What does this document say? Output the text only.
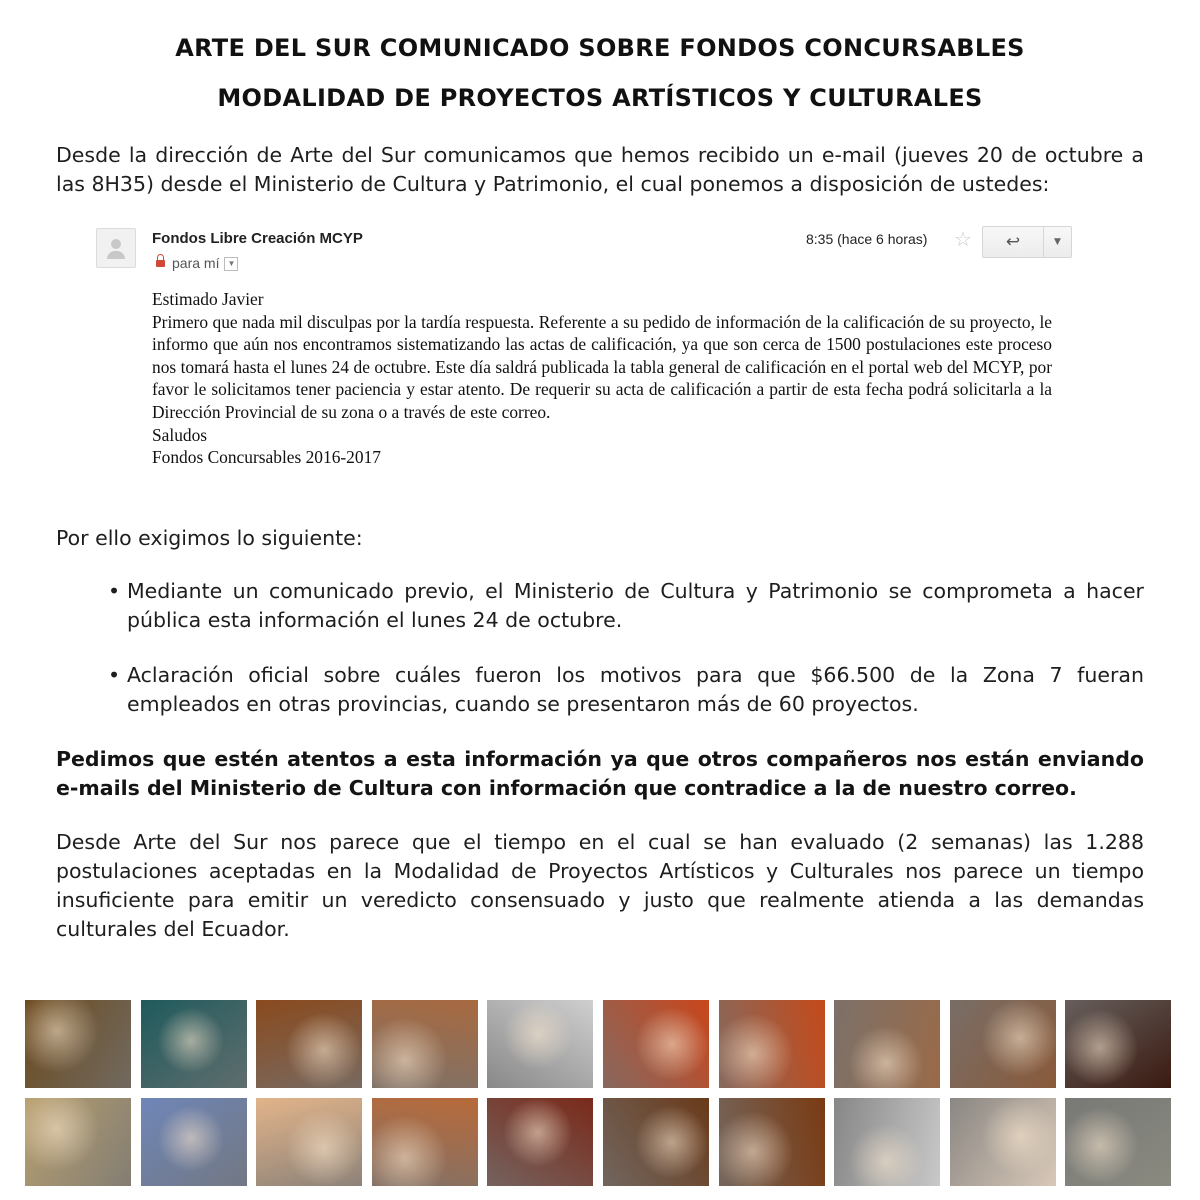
ARTE DEL SUR COMUNICADO SOBRE FONDOS CONCURSABLES
MODALIDAD DE PROYECTOS ARTÍSTICOS Y CULTURALES
Desde la dirección de Arte del Sur comunicamos que hemos recibido un e-mail (jueves 20 de octubre a las 8H35) desde el Ministerio de Cultura y Patrimonio, el cual ponemos a disposición de ustedes:
Fondos Libre Creación MCYP
para mí ▼
8:35 (hace 6 horas) ☆	↩	▼
Estimado Javier
Primero que nada mil disculpas por la tardía respuesta. Referente a su pedido de información de la calificación de su proyecto, le informo que aún nos encontramos sistematizando las actas de calificación, ya que son cerca de 1500 postulaciones este proceso nos tomará hasta el lunes 24 de octubre. Este día saldrá publicada la tabla general de calificación en el portal web del MCYP, por favor le solicitamos tener paciencia y estar atento. De requerir su acta de calificación a partir de esta fecha podrá solicitarla a la Dirección Provincial de su zona o a través de este correo.
Saludos
Fondos Concursables 2016-2017
Por ello exigimos lo siguiente:
• Mediante un comunicado previo, el Ministerio de Cultura y Patrimonio se comprometa a hacer pública esta información el lunes 24 de octubre.
• Aclaración oficial sobre cuáles fueron los motivos para que $66.500 de la Zona 7 fueran empleados en otras provincias, cuando se presentaron más de 60 proyectos.
Pedimos que estén atentos a esta información ya que otros compañeros nos están enviando e-mails del Ministerio de Cultura con información que contradice a la de nuestro correo.
Desde Arte del Sur nos parece que el tiempo en el cual se han evaluado (2 semanas) las 1.288 postulaciones aceptadas en la Modalidad de Proyectos Artísticos y Culturales nos parece un tiempo insuficiente para emitir un veredicto consensuado y justo que realmente atienda a las demandas culturales del Ecuador.
